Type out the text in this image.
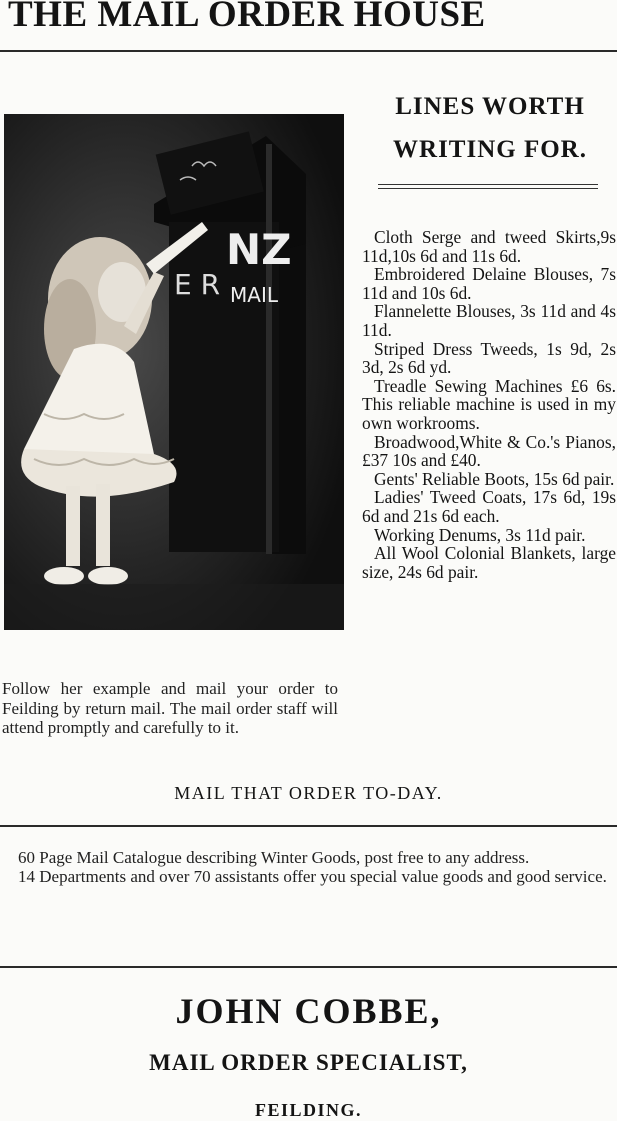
THE MAIL ORDER HOUSE
NZ
MAIL
E R
LINES WORTH
WRITING FOR.

Cloth Serge and tweed Skirts,9s 11d,10s 6d and 11s 6d.

Embroidered Delaine Blouses, 7s 11d and 10s 6d.

Flannelette Blouses, 3s 11d and 4s 11d.

Striped Dress Tweeds, 1s 9d, 2s 3d, 2s 6d yd.

Treadle Sewing Machines £6 6s. This reliable machine is used in my own workrooms.

Broadwood,White & Co.'s Pianos, £37 10s and £40.

Gents' Reliable Boots, 15s 6d pair.

Ladies' Tweed Coats, 17s 6d, 19s 6d and 21s 6d each.

Working Denums, 3s 11d pair.

All Wool Colonial Blankets, large size, 24s 6d pair.

Follow her example and mail your order to Feilding by return mail. The mail order staff will attend promptly and carefully to it.
MAIL THAT ORDER TO-DAY.

60 Page Mail Catalogue describing Winter Goods, post free to any address.

14 Departments and over 70 assistants offer you special value goods and good service.

JOHN COBBE,
MAIL ORDER SPECIALIST,
FEILDING.
